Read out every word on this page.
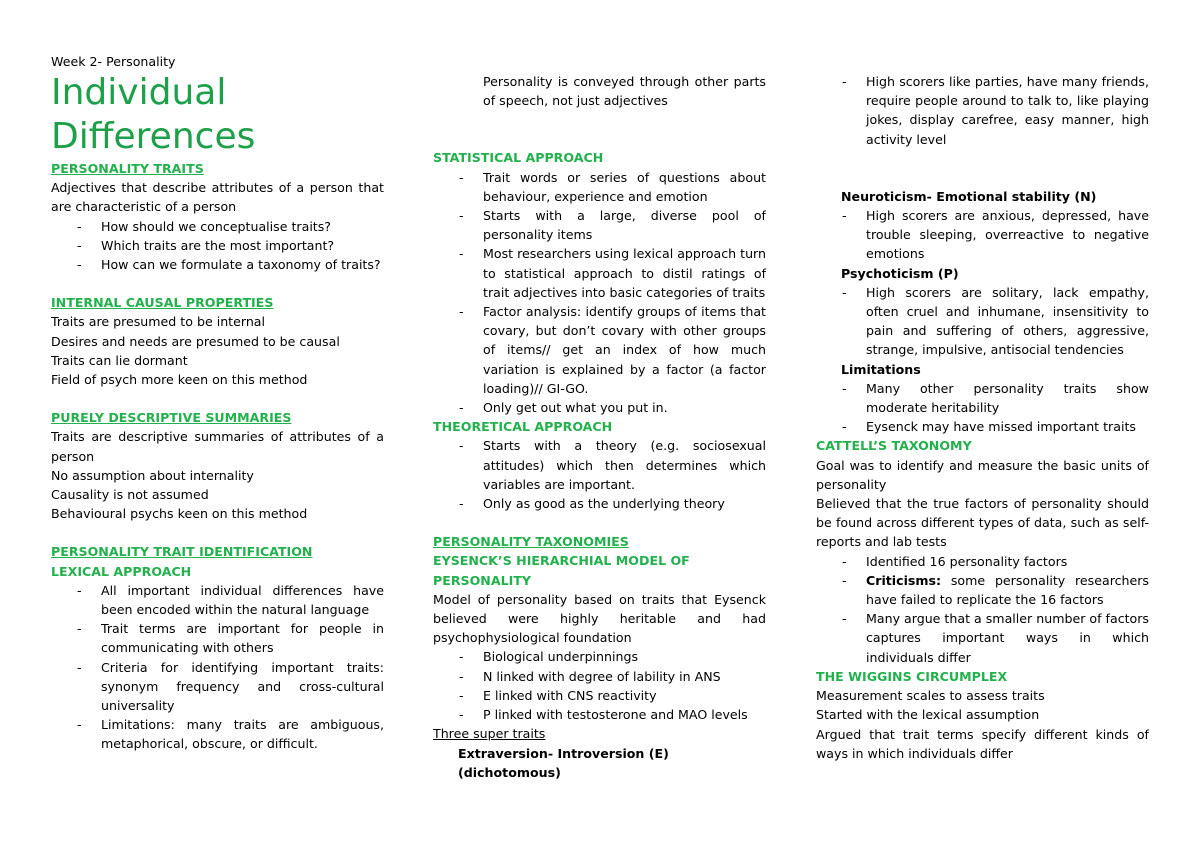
Week 2- Personality
Individual
Differences
PERSONALITY TRAITS

Adjectives that describe attributes of a person that are characteristic of a person

- How should we conceptualise traits?
- Which traits are the most important?
- How can we formulate a taxonomy of traits?
INTERNAL CAUSAL PROPERTIES

Traits are presumed to be internal

Desires and needs are presumed to be causal

Traits can lie dormant

Field of psych more keen on this method

PURELY DESCRIPTIVE SUMMARIES

Traits are descriptive summaries of attributes of a person

No assumption about internality

Causality is not assumed

Behavioural psychs keen on this method

PERSONALITY TRAIT IDENTIFICATION
LEXICAL APPROACH
- All important individual differences have been encoded within the natural language
- Trait terms are important for people in communicating with others
- Criteria for identifying important traits: synonym frequency and cross-cultural universality
- Limitations: many traits are ambiguous, metaphorical, obscure, or difficult.
Personality is conveyed through other parts of speech, not just adjectives
STATISTICAL APPROACH
- Trait words or series of questions about behaviour, experience and emotion
- Starts with a large, diverse pool of personality items
- Most researchers using lexical approach turn to statistical approach to distil ratings of trait adjectives into basic categories of traits
- Factor analysis: identify groups of items that covary, but don’t covary with other groups of items// get an index of how much variation is explained by a factor (a factor loading)// GI-GO.
- Only get out what you put in.
THEORETICAL APPROACH
- Starts with a theory (e.g. sociosexual attitudes) which then determines which variables are important.
- Only as good as the underlying theory
PERSONALITY TAXONOMIES
EYSENCK’S HIERARCHIAL MODEL OF PERSONALITY

Model of personality based on traits that Eysenck believed were highly heritable and had psychophysiological foundation

- Biological underpinnings
- N linked with degree of lability in ANS
- E linked with CNS reactivity
- P linked with testosterone and MAO levels
Three super traits
Extraversion- Introversion (E) (dichotomous)
- High scorers like parties, have many friends, require people around to talk to, like playing jokes, display carefree, easy manner, high activity level
Neuroticism- Emotional stability (N)
- High scorers are anxious, depressed, have trouble sleeping, overreactive to negative emotions
Psychoticism (P)
- High scorers are solitary, lack empathy, often cruel and inhumane, insensitivity to pain and suffering of others, aggressive, strange, impulsive, antisocial tendencies
Limitations
- Many other personality traits show moderate heritability
- Eysenck may have missed important traits
CATTELL’S TAXONOMY

Goal was to identify and measure the basic units of personality

Believed that the true factors of personality should be found across different types of data, such as self-reports and lab tests

- Identified 16 personality factors
- Criticisms: some personality researchers have failed to replicate the 16 factors
- Many argue that a smaller number of factors captures important ways in which individuals differ
THE WIGGINS CIRCUMPLEX

Measurement scales to assess traits

Started with the lexical assumption

Argued that trait terms specify different kinds of ways in which individuals differ
